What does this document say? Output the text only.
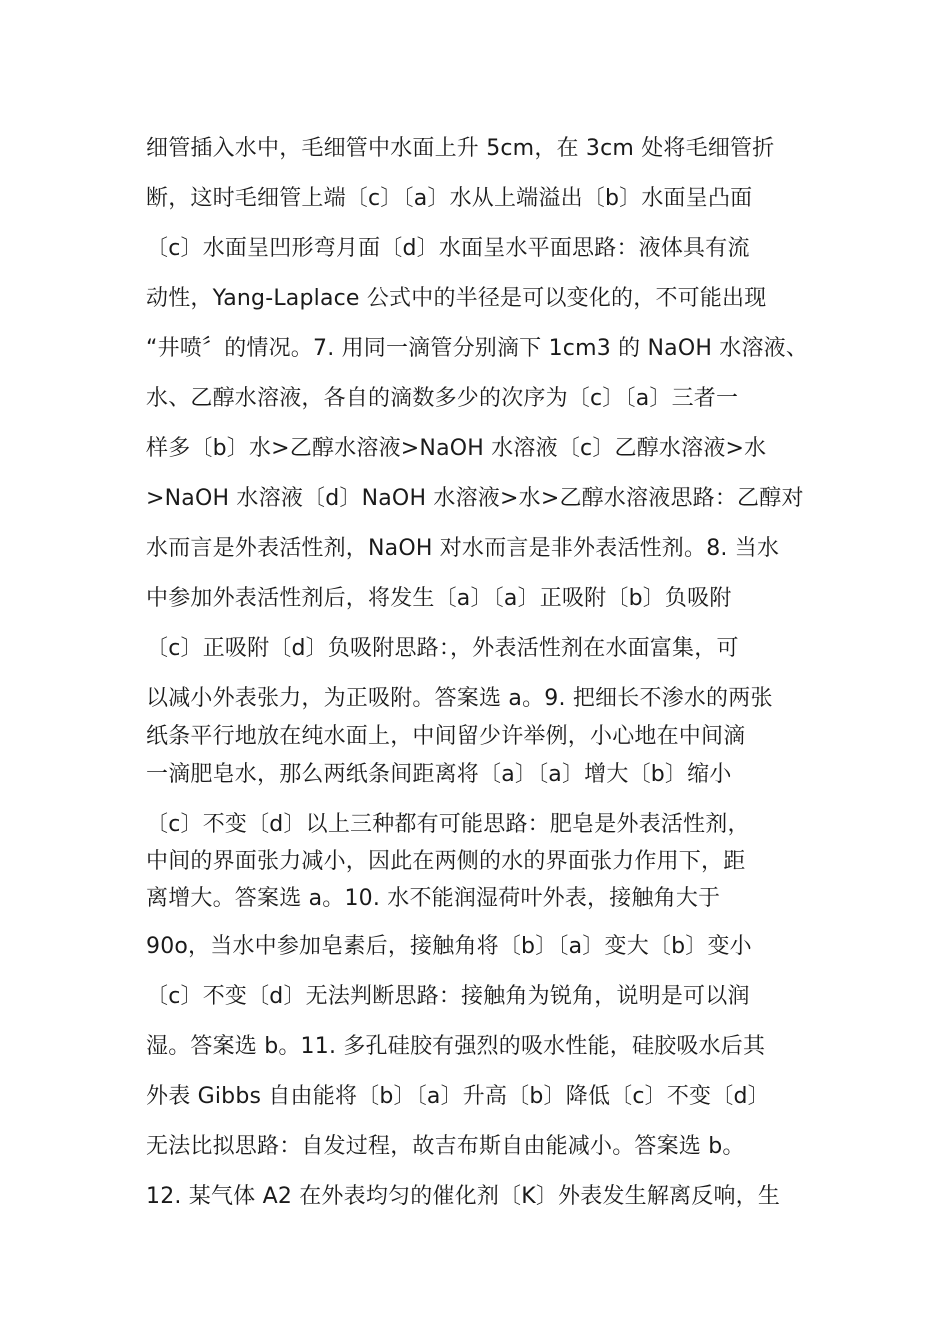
细管插入水中，毛细管中水面上升 5cm，在 3cm 处将毛细管折
断，这时毛细管上端〔c〕〔a〕水从上端溢出〔b〕水面呈凸面
〔c〕水面呈凹形弯月面〔d〕水面呈水平面思路：液体具有流
动性，Yang-Laplace 公式中的半径是可以变化的，不可能出现
“井喷〞的情况。7. 用同一滴管分别滴下 1cm3 的 NaOH 水溶液、
水、乙醇水溶液，各自的滴数多少的次序为〔c〕〔a〕三者一
样多〔b〕水>乙醇水溶液>NaOH 水溶液〔c〕乙醇水溶液>水
>NaOH 水溶液〔d〕NaOH 水溶液>水>乙醇水溶液思路：乙醇对
水而言是外表活性剂，NaOH 对水而言是非外表活性剂。8. 当水
中参加外表活性剂后，将发生〔a〕〔a〕正吸附〔b〕负吸附
〔c〕正吸附〔d〕负吸附思路：，外表活性剂在水面富集，可
以减小外表张力，为正吸附。答案选 a。9. 把细长不渗水的两张
纸条平行地放在纯水面上，中间留少许举例，小心地在中间滴
一滴肥皂水，那么两纸条间距离将〔a〕〔a〕增大〔b〕缩小
〔c〕不变〔d〕以上三种都有可能思路：肥皂是外表活性剂，
中间的界面张力减小，因此在两侧的水的界面张力作用下，距
离增大。答案选 a。10. 水不能润湿荷叶外表，接触角大于
90o，当水中参加皂素后，接触角将〔b〕〔a〕变大〔b〕变小
〔c〕不变〔d〕无法判断思路：接触角为锐角，说明是可以润
湿。答案选 b。11. 多孔硅胶有强烈的吸水性能，硅胶吸水后其
外表 Gibbs 自由能将〔b〕〔a〕升高〔b〕降低〔c〕不变〔d〕
无法比拟思路：自发过程，故吉布斯自由能减小。答案选 b。
12. 某气体 A2 在外表均匀的催化剂〔K〕外表发生解离反响，生
